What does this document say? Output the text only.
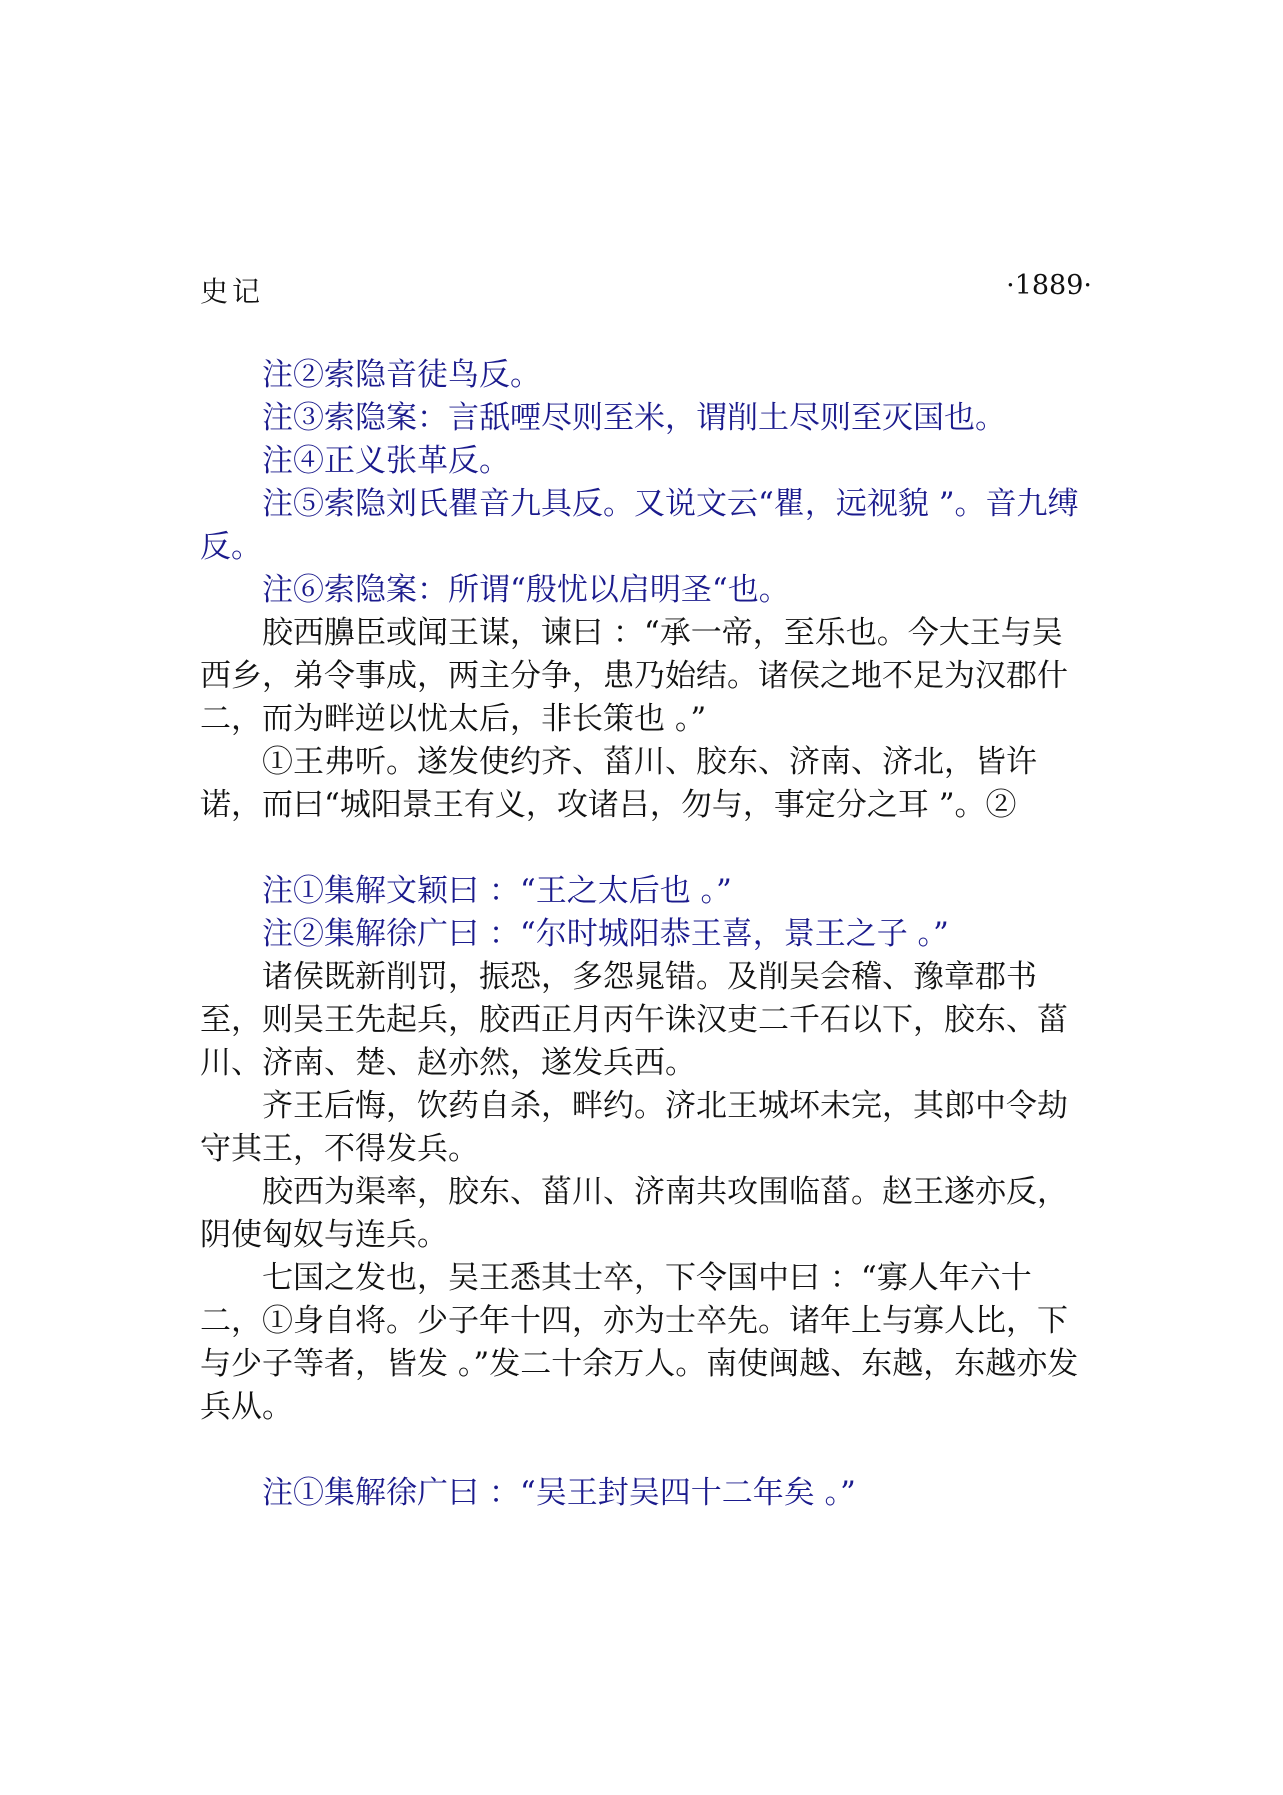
史记	·1889·

注②索隐音徒鸟反。

注③索隐案：言舐㖶尽则至米，谓削土尽则至灭国也。

注④正义张革反。

注⑤索隐刘氏瞿音九具反。又说文云“瞿，远视貌 ”。音九缚反。

注⑥索隐案：所谓“殷忧以启明圣“也。

胶西䑄臣或闻王谋，谏曰 ：“承一帝，至乐也。今大王与吴西乡，弟令事成，两主分争，患乃始结。诸侯之地不足为汉郡什二，而为畔逆以忧太后，非长策也 。”

①王弗听。遂发使约齐、菑川、胶东、济南、济北，皆许诺，而曰“城阳景王有义，攻诸吕，勿与，事定分之耳 ”。②

注①集解文颖曰 ：“王之太后也 。”

注②集解徐广曰 ：“尔时城阳恭王喜，景王之子 。”

诸侯既新削罚，振恐，多怨晁错。及削吴会稽、豫章郡书至，则吴王先起兵，胶西正月丙午诛汉吏二千石以下，胶东、菑川、济南、楚、赵亦然，遂发兵西。

齐王后悔，饮药自杀，畔约。济北王城坏未完，其郎中令劫守其王，不得发兵。

胶西为渠率，胶东、菑川、济南共攻围临菑。赵王遂亦反，阴使匈奴与连兵。

七国之发也，吴王悉其士卒，下令国中曰 ：“寡人年六十二，①身自将。少子年十四，亦为士卒先。诸年上与寡人比，下与少子等者，皆发 。”发二十余万人。南使闽越、东越，东越亦发兵从。

注①集解徐广曰 ：“吴王封吴四十二年矣 。”
